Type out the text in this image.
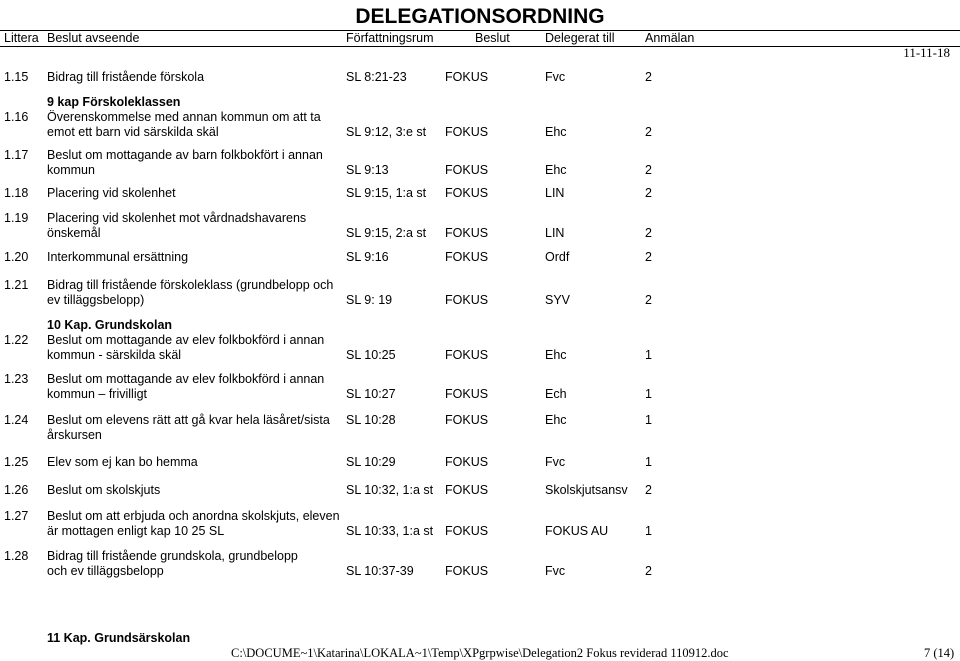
DELEGATIONSORDNING
Littera Beslut avseende	Författningsrum	Beslut	Delegerat till Anmälan
11-11-18
9 kap Förskoleklassen
1.15 Bidrag till fristående förskola	SL 8:21-23	FOKUS	Fvc	2
1.16 Överenskommelse med annan kommun om att ta
emot ett barn vid särskilda skäl	SL 9:12, 3:e st FOKUS	Ehc	2
1.17 Beslut om mottagande av barn folkbokfört i annan
kommun	SL 9:13	FOKUS	Ehc	2
1.18 Placering vid skolenhet	SL 9:15, 1:a st FOKUS	LIN	2
1.19 Placering vid skolenhet mot vårdnadshavarens
önskemål	SL 9:15, 2:a st FOKUS	LIN	2
1.20 Interkommunal ersättning	SL 9:16	FOKUS	Ordf	2
1.21 Bidrag till fristående förskoleklass (grundbelopp och
ev tilläggsbelopp)	SL 9: 19	FOKUS	SYV	2
1.22 Beslut om mottagande av elev folkbokförd i annan
kommun - särskilda skäl	SL 10:25	FOKUS	Ehc	1
1.23 Beslut om mottagande av elev folkbokförd i annan
kommun – frivilligt	SL 10:27	FOKUS	Ech	1
1.24 Beslut om elevens rätt att gå kvar hela läsåret/sista
årskursen
SL 10:28	FOKUS	Ehc	1
1.25 Elev som ej kan bo hemma	SL 10:29	FOKUS	Fvc	1
1.26 Beslut om skolskjuts	SL 10:32, 1:a st FOKUS	Skolskjutsansv 2
1.27 Beslut om att erbjuda och anordna skolskjuts, eleven
är mottagen enligt kap 10 25 SL	SL 10:33, 1:a st FOKUS	FOKUS AU	1
1.28 Bidrag till fristående grundskola, grundbelopp
och ev tilläggsbelopp	SL 10:37-39	FOKUS	Fvc	2
10 Kap. Grundskolan
11 Kap. Grundsärskolan
C:\DOCUME~1\Katarina\LOKALA~1\Temp\XPgrpwise\Delegation2 Fokus reviderad 110912.doc	7 (14)
